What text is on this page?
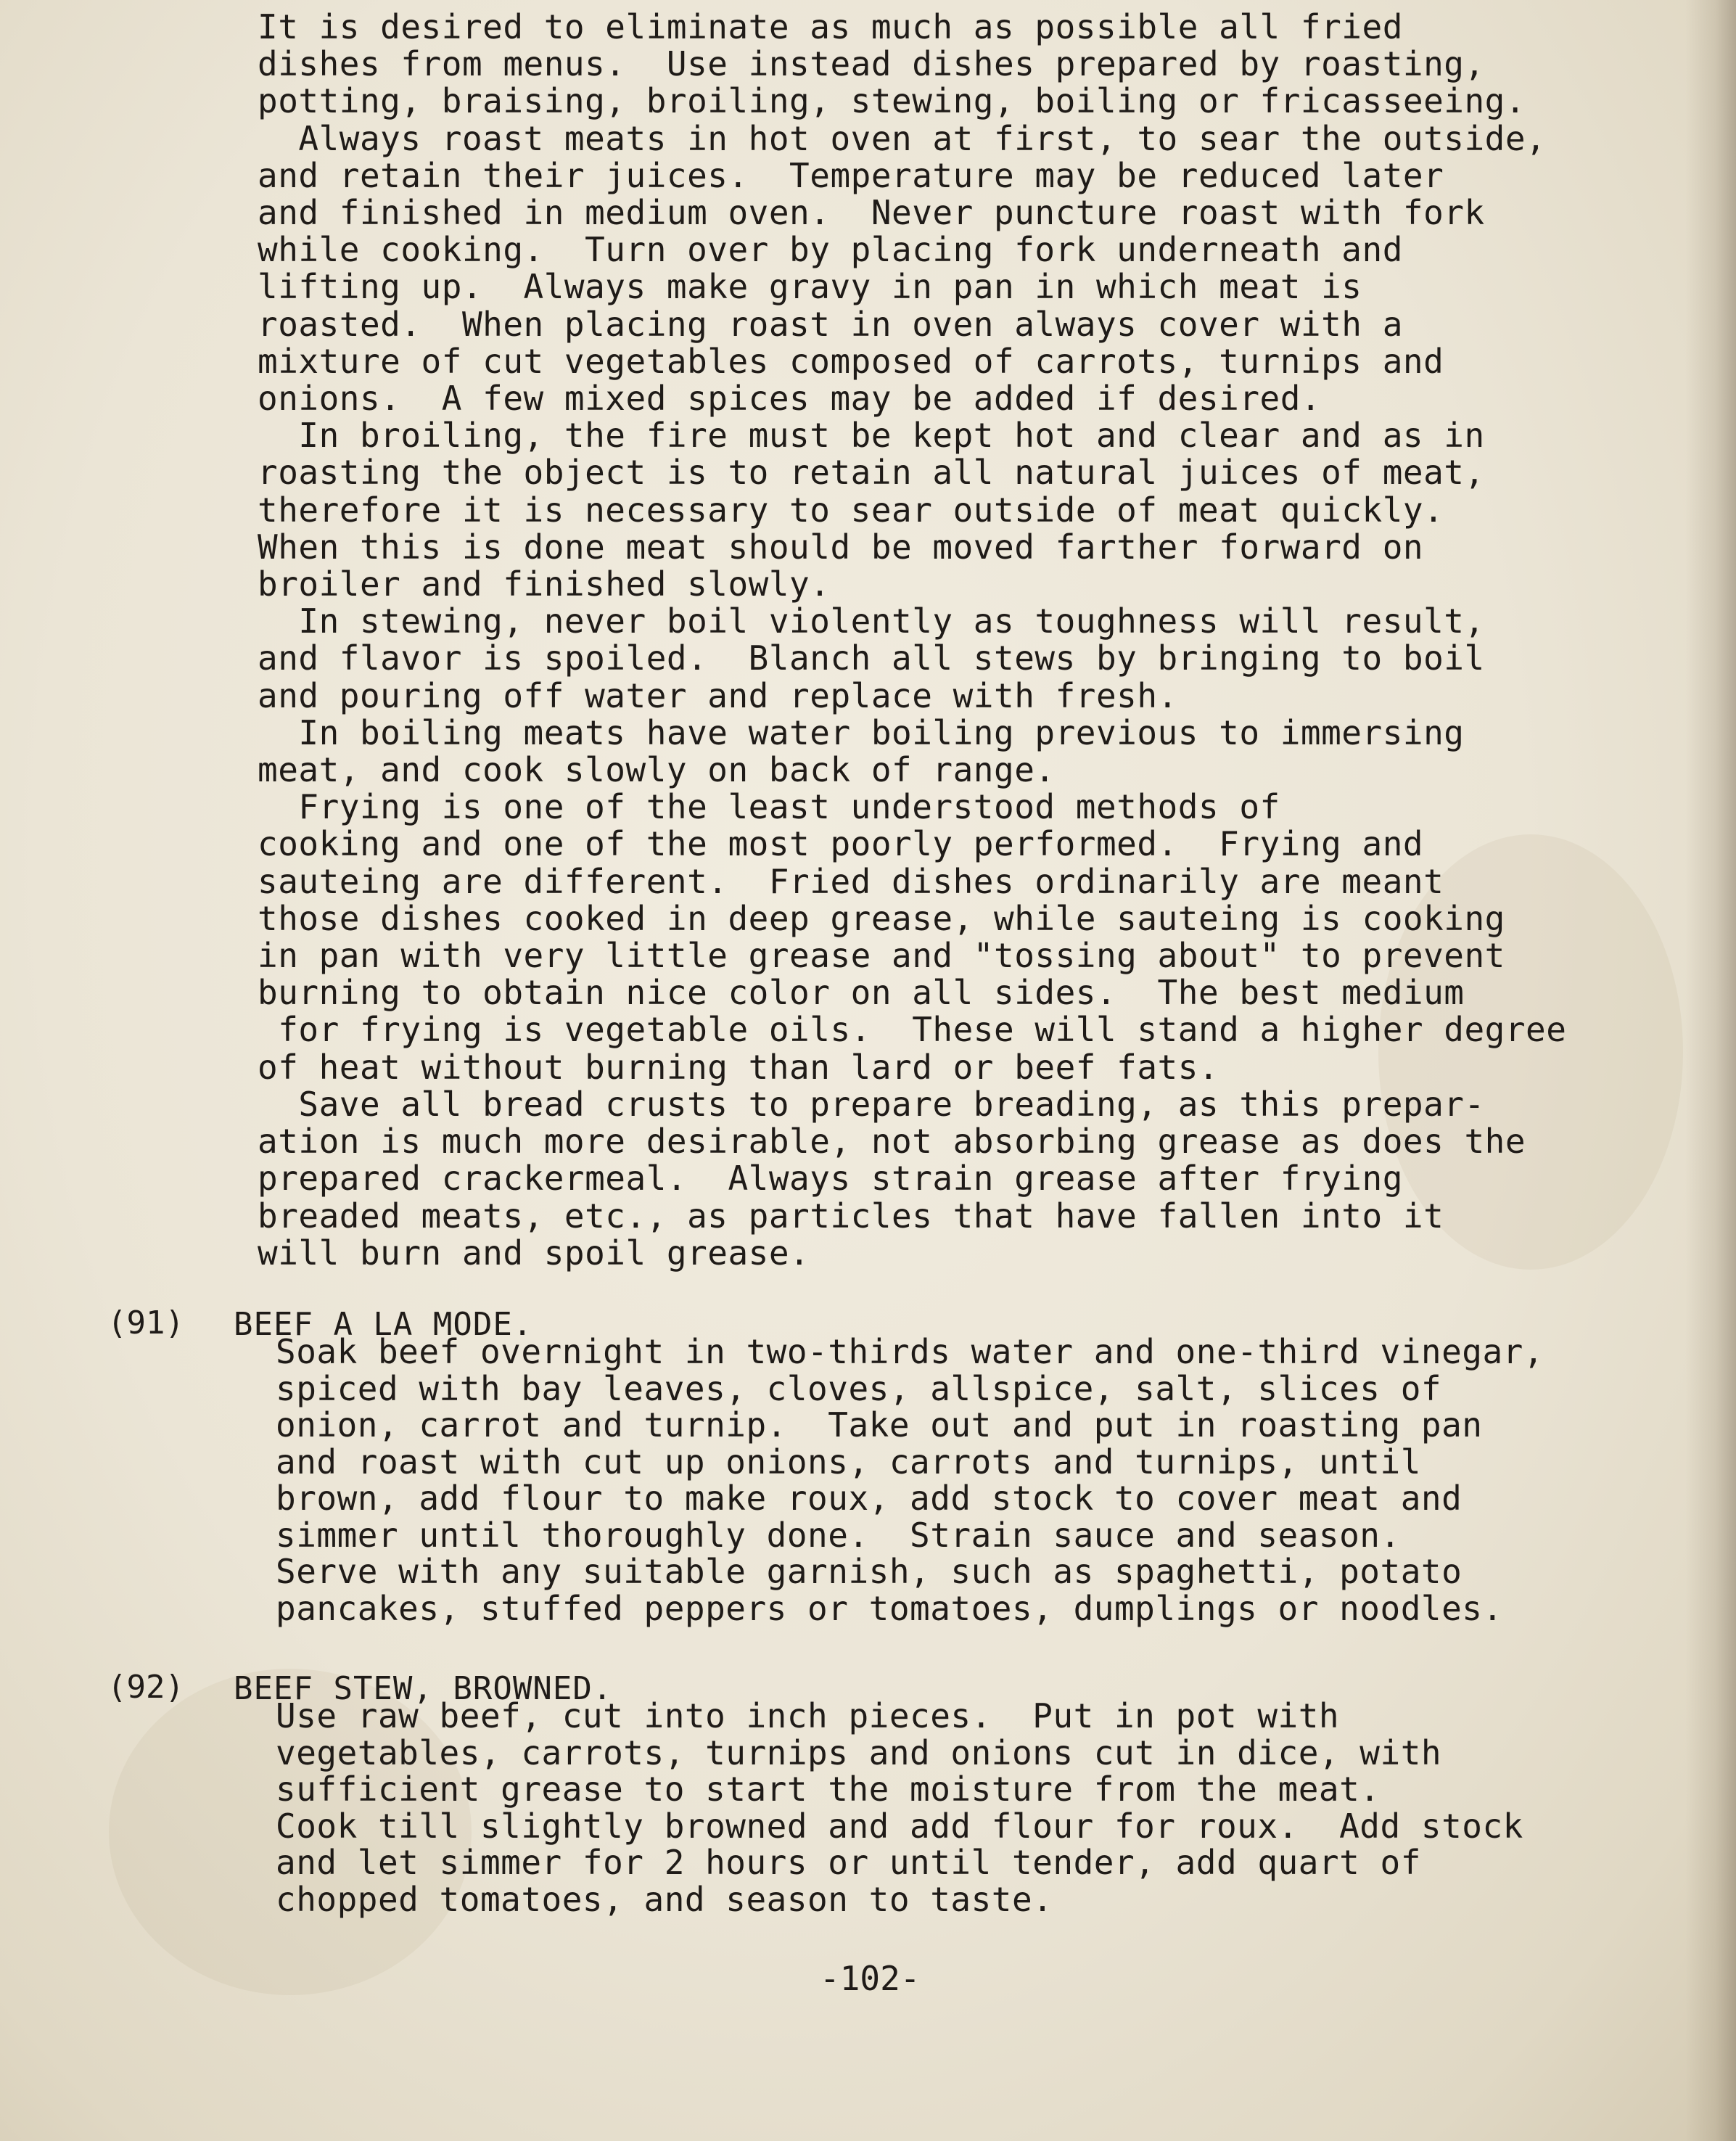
It is desired to eliminate as much as possible all fried
dishes from menus.  Use instead dishes prepared by roasting,
potting, braising, broiling, stewing, boiling or fricasseeing.
Always roast meats in hot oven at first, to sear the outside,
and retain their juices.  Temperature may be reduced later
and finished in medium oven.  Never puncture roast with fork
while cooking.  Turn over by placing fork underneath and
lifting up.  Always make gravy in pan in which meat is
roasted.  When placing roast in oven always cover with a
mixture of cut vegetables composed of carrots, turnips and
onions.  A few mixed spices may be added if desired.
In broiling, the fire must be kept hot and clear and as in
roasting the object is to retain all natural juices of meat,
therefore it is necessary to sear outside of meat quickly.
When this is done meat should be moved farther forward on
broiler and finished slowly.
In stewing, never boil violently as toughness will result,
and flavor is spoiled.  Blanch all stews by bringing to boil
and pouring off water and replace with fresh.
In boiling meats have water boiling previous to immersing
meat, and cook slowly on back of range.
Frying is one of the least understood methods of
cooking and one of the most poorly performed.  Frying and
sauteing are different.  Fried dishes ordinarily are meant
those dishes cooked in deep grease, while sauteing is cooking
in pan with very little grease and "tossing about" to prevent
burning to obtain nice color on all sides.  The best medium
for frying is vegetable oils.  These will stand a higher degree
of heat without burning than lard or beef fats.
Save all bread crusts to prepare breading, as this prepar-
ation is much more desirable, not absorbing grease as does the
prepared crackermeal.  Always strain grease after frying
breaded meats, etc., as particles that have fallen into it
will burn and spoil grease.

(91) BEEF A LA MODE.

Soak beef overnight in two-thirds water and one-third vinegar,
spiced with bay leaves, cloves, allspice, salt, slices of
onion, carrot and turnip.  Take out and put in roasting pan
and roast with cut up onions, carrots and turnips, until
brown, add flour to make roux, add stock to cover meat and
simmer until thoroughly done.  Strain sauce and season.
Serve with any suitable garnish, such as spaghetti, potato
pancakes, stuffed peppers or tomatoes, dumplings or noodles.

(92) BEEF STEW, BROWNED.

Use raw beef, cut into inch pieces.  Put in pot with
vegetables, carrots, turnips and onions cut in dice, with
sufficient grease to start the moisture from the meat.
Cook till slightly browned and add flour for roux.  Add stock
and let simmer for 2 hours or until tender, add quart of
chopped tomatoes, and season to taste.

-102-
